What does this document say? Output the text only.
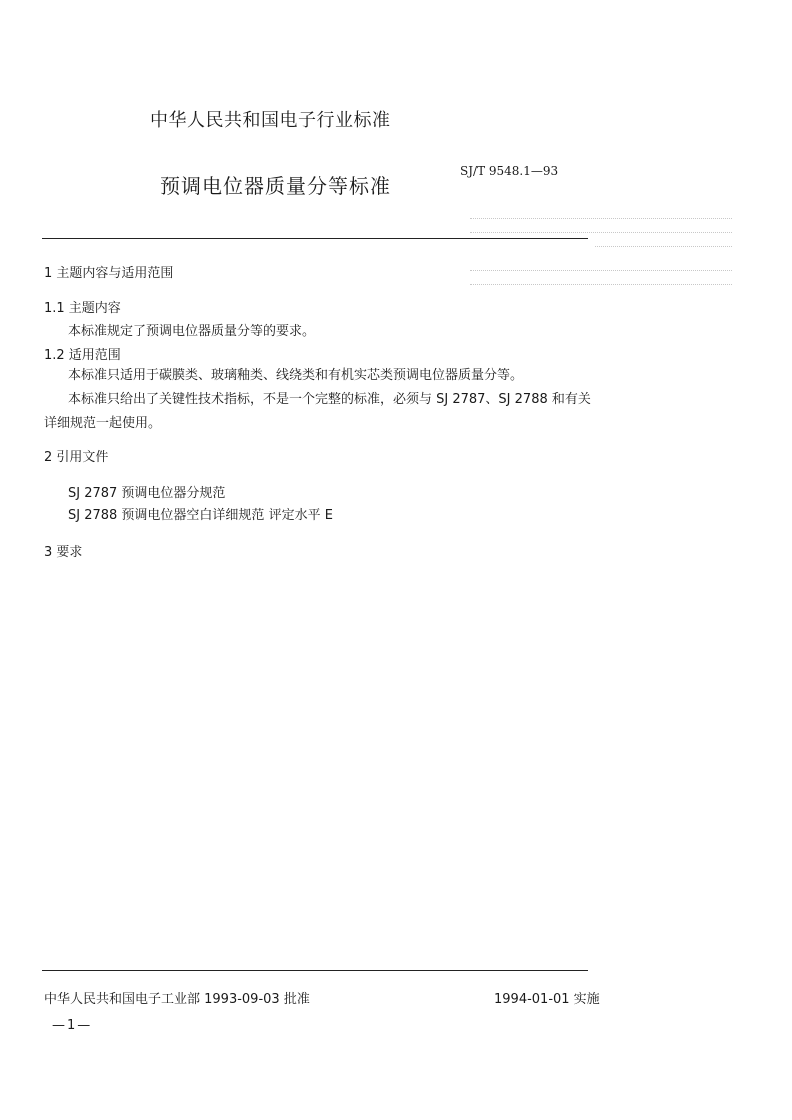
中华人民共和国电子行业标准
预调电位器质量分等标准
SJ/T 9548.1—93
1 主题内容与适用范围
1.1 主题内容
本标准规定了预调电位器质量分等的要求。
1.2 适用范围
本标准只适用于碳膜类、玻璃釉类、线绕类和有机实芯类预调电位器质量分等。
本标准只给出了关键性技术指标，不是一个完整的标准，必须与 SJ 2787、SJ 2788 和有关
详细规范一起使用。
2 引用文件
SJ 2787 预调电位器分规范
SJ 2788 预调电位器空白详细规范 评定水平 E
3 要求
中华人民共和国电子工业部 1993-09-03 批准	1994-01-01 实施
—1—
